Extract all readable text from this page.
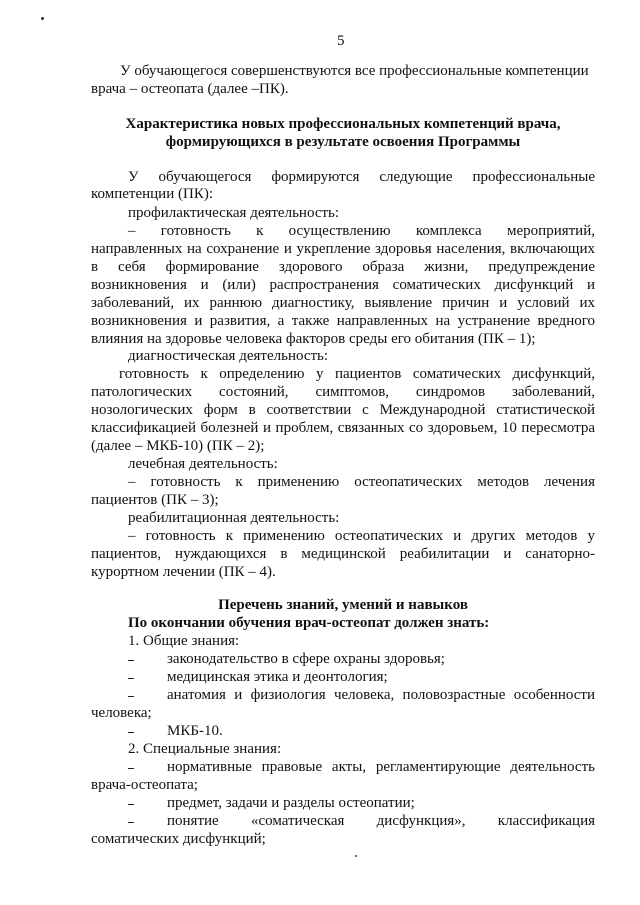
5
У обучающегося совершенствуются все профессиональные компетенции
врача – остеопата (далее –ПК).
Характеристика новых профессиональных компетенций врача,
формирующихся в результате освоения Программы
У обучающегося формируются следующие профессиональные
компетенции (ПК):
профилактическая деятельность:
– готовность к осуществлению комплекса мероприятий,
направленных на сохранение и укрепление здоровья населения, включающих
в себя формирование здорового образа жизни, предупреждение
возникновения и (или) распространения соматических дисфункций и
заболеваний, их раннюю диагностику, выявление причин и условий их
возникновения и развития, а также направленных на устранение вредного
влияния на здоровье человека факторов среды его обитания (ПК – 1);
диагностическая деятельность:
готовность к определению у пациентов соматических дисфункций,
патологических состояний, симптомов, синдромов заболеваний,
нозологических форм в соответствии с Международной статистической
классификацией болезней и проблем, связанных со здоровьем, 10 пересмотра
(далее – МКБ-10) (ПК – 2);
лечебная деятельность:
– готовность к применению остеопатических методов лечения
пациентов (ПК – 3);
реабилитационная деятельность:
– готовность к применению остеопатических и других методов у
пациентов, нуждающихся в медицинской реабилитации и санаторно-
курортном лечении (ПК – 4).
Перечень знаний, умений и навыков
По окончании обучения врач-остеопат должен знать:
1. Общие знания:
законодательство в сфере охраны здоровья;
медицинская этика и деонтология;
анатомия и физиология человека, половозрастные особенности
человека;
МКБ-10.
2. Специальные знания:
нормативные правовые акты, регламентирующие деятельность
врача-остеопата;
предмет, задачи и разделы остеопатии;
понятие «соматическая дисфункция», классификация
соматических дисфункций;
